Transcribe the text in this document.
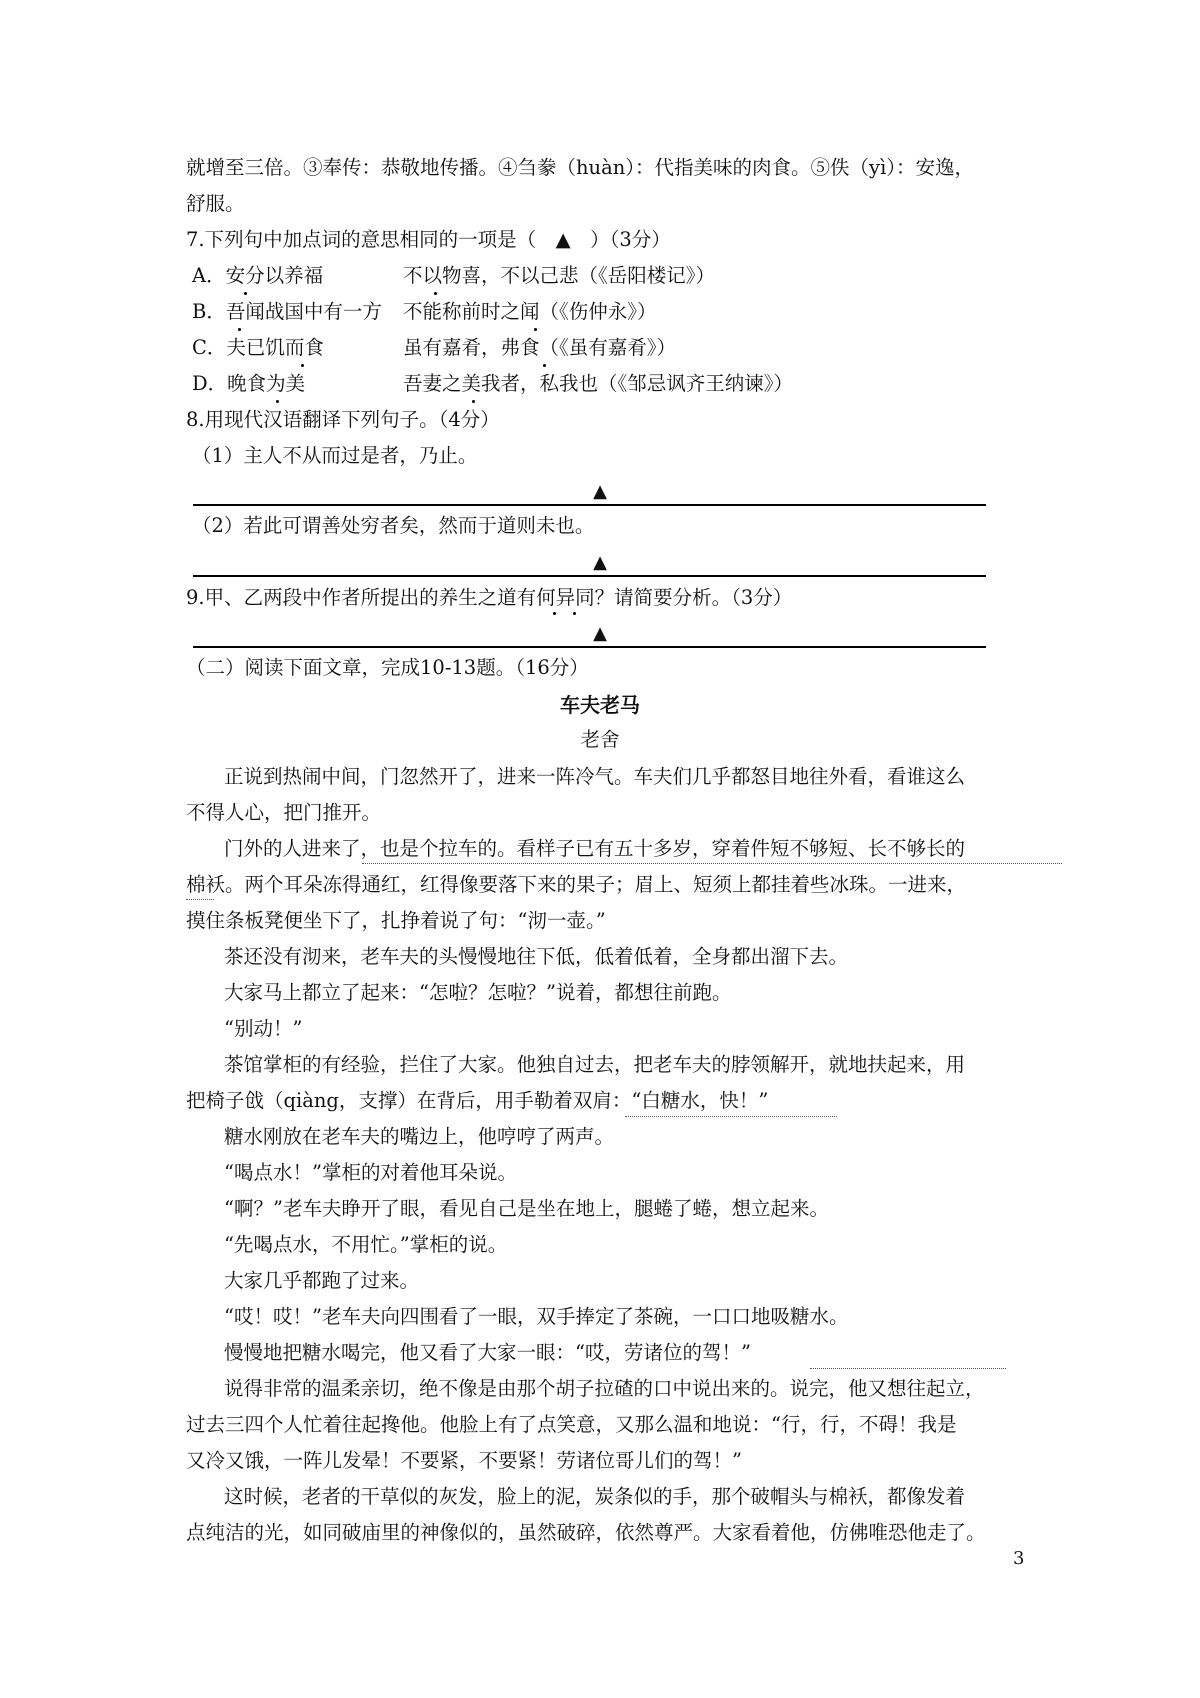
就增至三倍。③奉传：恭敬地传播。④刍豢（huàn）：代指美味的肉食。⑤佚（yì）：安逸，
舒服。
7.下列句中加点词的意思相同的一项是（　▲　）（3分）
A．安分以养福	不以物喜，不以己悲（《岳阳楼记》）
B．吾闻战国中有一方 不能称前时之闻（《伤仲永》）
C．夫已饥而食	虽有嘉肴，弗食（《虽有嘉肴》）
D．晚食为美	吾妻之美我者，私我也（《邹忌讽齐王纳谏》）
8.用现代汉语翻译下列句子。（4分）
（1）主人不从而过是者，乃止。
▲
（2）若此可谓善处穷者矣，然而于道则未也。
▲
9.甲、乙两段中作者所提出的养生之道有何异同？请简要分析。（3分）
▲
（二）阅读下面文章，完成10-13题。（16分）
车夫老马
老舍
正说到热闹中间，门忽然开了，进来一阵冷气。车夫们几乎都怒目地往外看，看谁这么
不得人心，把门推开。
门外的人进来了，也是个拉车的。看样子已有五十多岁，穿着件短不够短、长不够长的
棉袄。两个耳朵冻得通红，红得像要落下来的果子；眉上、短须上都挂着些冰珠。一进来，
摸住条板凳便坐下了，扎挣着说了句：“沏一壶。”
茶还没有沏来，老车夫的头慢慢地往下低，低着低着，全身都出溜下去。
大家马上都立了起来：“怎啦？怎啦？”说着，都想往前跑。
“别动！”
茶馆掌柜的有经验，拦住了大家。他独自过去，把老车夫的脖领解开，就地扶起来，用
把椅子戗（qiàng，支撑）在背后，用手勒着双肩：“白糖水，快！”
糖水刚放在老车夫的嘴边上，他哼哼了两声。
“喝点水！”掌柜的对着他耳朵说。
“啊？”老车夫睁开了眼，看见自己是坐在地上，腿蜷了蜷，想立起来。
“先喝点水，不用忙。”掌柜的说。
大家几乎都跑了过来。
“哎！哎！”老车夫向四围看了一眼，双手捧定了茶碗，一口口地吸糖水。
慢慢地把糖水喝完，他又看了大家一眼：“哎，劳诸位的驾！”
说得非常的温柔亲切，绝不像是由那个胡子拉碴的口中说出来的。说完，他又想往起立，
过去三四个人忙着往起搀他。他脸上有了点笑意，又那么温和地说：“行，行，不碍！我是
又冷又饿，一阵儿发晕！不要紧，不要紧！劳诸位哥儿们的驾！”
这时候，老者的干草似的灰发，脸上的泥，炭条似的手，那个破帽头与棉袄，都像发着
点纯洁的光，如同破庙里的神像似的，虽然破碎，依然尊严。大家看着他，仿佛唯恐他走了。
3
